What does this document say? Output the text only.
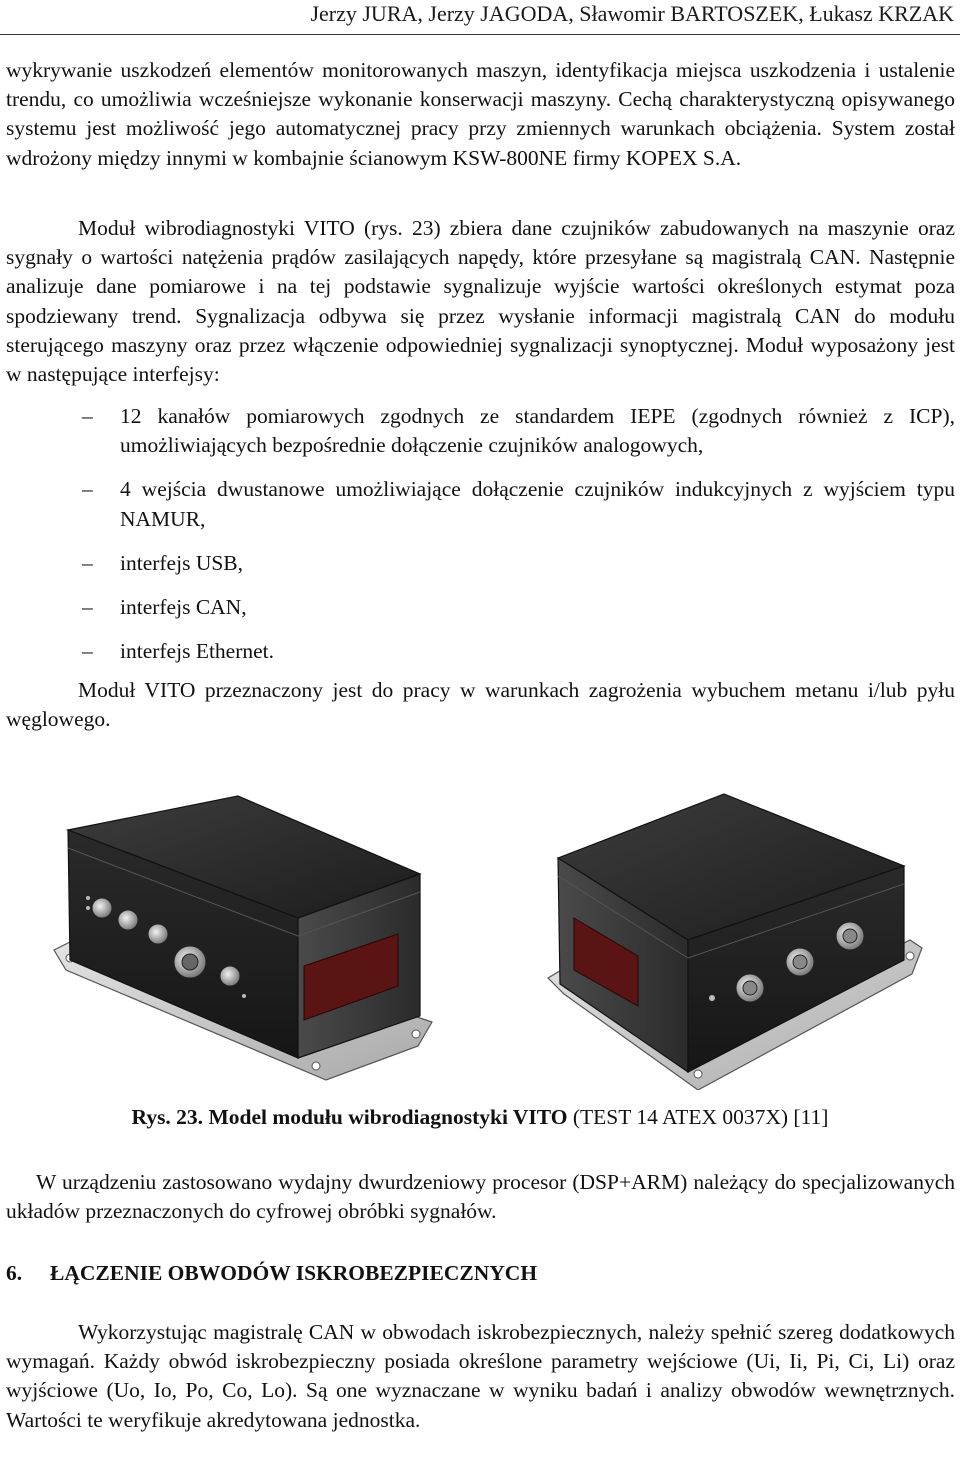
Jerzy JURA, Jerzy JAGODA, Sławomir BARTOSZEK, Łukasz KRZAK

wykrywanie uszkodzeń elementów monitorowanych maszyn, identyfikacja miejsca uszkodzenia i ustalenie trendu, co umożliwia wcześniejsze wykonanie konserwacji maszyny. Cechą charakterystyczną opisywanego systemu jest możliwość jego automatycznej pracy przy zmiennych warunkach obciążenia. System został wdrożony między innymi w kombajnie ścianowym KSW-800NE firmy KOPEX S.A.

Moduł wibrodiagnostyki VITO (rys. 23) zbiera dane czujników zabudowanych na maszynie oraz sygnały o wartości natężenia prądów zasilających napędy, które przesyłane są magistralą CAN. Następnie analizuje dane pomiarowe i na tej podstawie sygnalizuje wyjście wartości określonych estymat poza spodziewany trend. Sygnalizacja odbywa się przez wysłanie informacji magistralą CAN do modułu sterującego maszyny oraz przez włączenie odpowiedniej sygnalizacji synoptycznej. Moduł wyposażony jest w następujące interfejsy:

–	12 kanałów pomiarowych zgodnych ze standardem IEPE (zgodnych również z ICP), umożliwiających bezpośrednie dołączenie czujników analogowych,
–	4 wejścia dwustanowe umożliwiające dołączenie czujników indukcyjnych z wyjściem typu NAMUR,
–	interfejs USB,
–	interfejs CAN,
–	interfejs Ethernet.

Moduł VITO przeznaczony jest do pracy w warunkach zagrożenia wybuchem metanu i/lub pyłu węglowego.

Rys. 23. Model modułu wibrodiagnostyki VITO (TEST 14 ATEX 0037X) [11]

W urządzeniu zastosowano wydajny dwurdzeniowy procesor (DSP+ARM) należący do specjalizowanych układów przeznaczonych do cyfrowej obróbki sygnałów.

6. ŁĄCZENIE OBWODÓW ISKROBEZPIECZNYCH

Wykorzystując magistralę CAN w obwodach iskrobezpiecznych, należy spełnić szereg dodatkowych wymagań. Każdy obwód iskrobezpieczny posiada określone parametry wejściowe (Ui, Ii, Pi, Ci, Li) oraz wyjściowe (Uo, Io, Po, Co, Lo). Są one wyznaczane w wyniku badań i analizy obwodów wewnętrznych. Wartości te weryfikuje akredytowana jednostka.
